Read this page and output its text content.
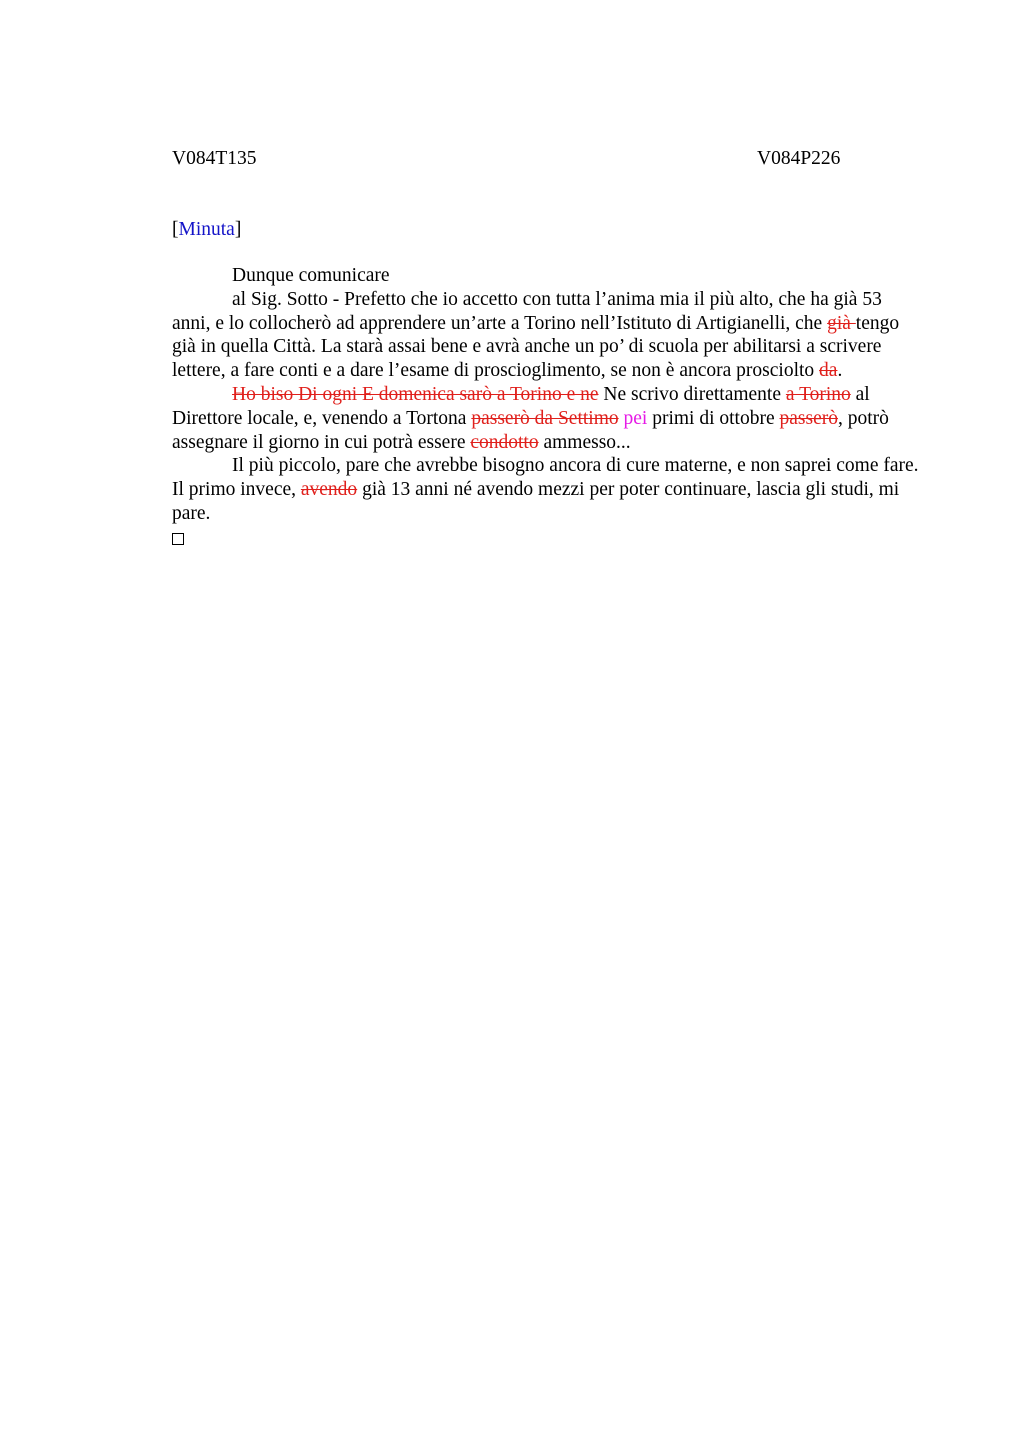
V084T135	V084P226
[Minuta]

Dunque comunicare

al Sig. Sotto - Prefetto che io accetto con tutta l’anima mia il più alto, che ha già 53 anni, e lo collocherò ad apprendere un’arte a Torino nell’Istituto di Artigianelli, che già tengo già in quella Città. La starà assai bene e avrà anche un po’ di scuola per abilitarsi a scrivere lettere, a fare conti e a dare l’esame di proscioglimento, se non è ancora prosciolto da.

Ho biso Di ogni E domenica sarò a Torino e ne Ne scrivo direttamente a Torino al Direttore locale, e, venendo a Tortona passerò da Settimo pei primi di ottobre passerò, potrò assegnare il giorno in cui potrà essere condotto ammesso...

Il più piccolo, pare che avrebbe bisogno ancora di cure materne, e non saprei come fare. Il primo invece, avendo già 13 anni né avendo mezzi per poter continuare, lascia gli studi, mi pare.
